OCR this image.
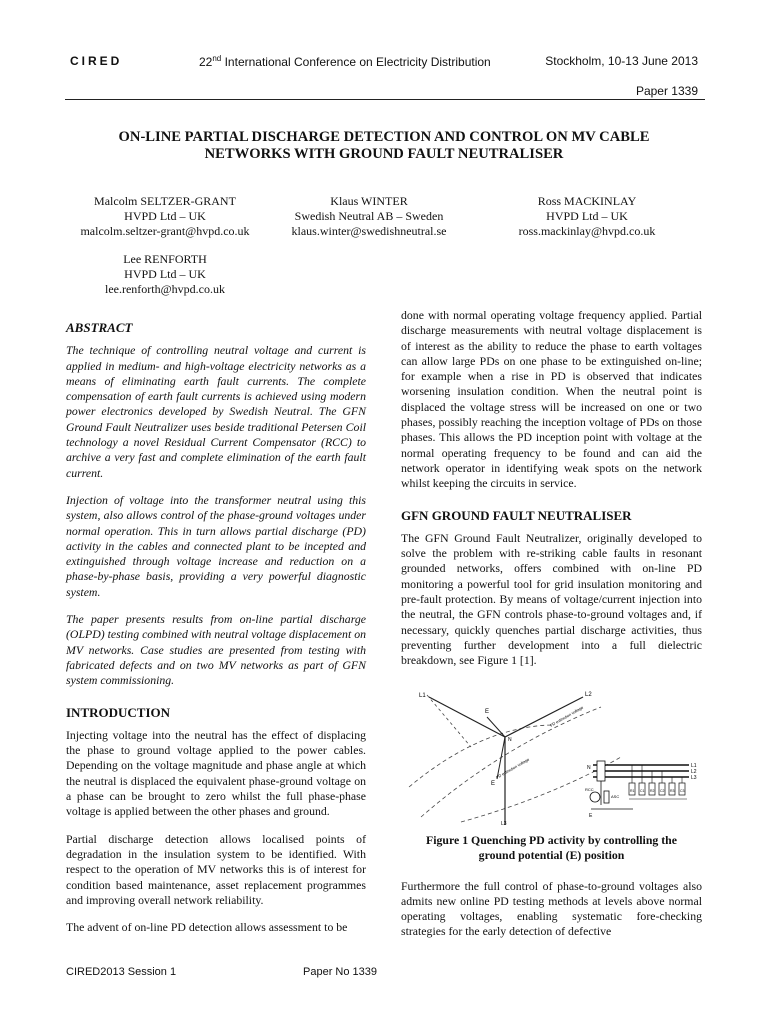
CIRED	22nd International Conference on Electricity Distribution	Stockholm, 10-13 June 2013
Paper 1339
ON-LINE PARTIAL DISCHARGE DETECTION AND CONTROL ON MV CABLE
NETWORKS WITH GROUND FAULT NEUTRALISER
Malcolm SELTZER-GRANT
HVPD Ltd – UK
malcolm.seltzer-grant@hvpd.co.uk
Klaus WINTER
Swedish Neutral AB – Sweden
klaus.winter@swedishneutral.se
Ross MACKINLAY
HVPD Ltd – UK
ross.mackinlay@hvpd.co.uk
Lee RENFORTH
HVPD Ltd – UK
lee.renforth@hvpd.co.uk
ABSTRACT

The technique of controlling neutral voltage and current is applied in medium- and high-voltage electricity networks as a means of eliminating earth fault currents. The complete compensation of earth fault currents is achieved using modern power electronics developed by Swedish Neutral. The GFN Ground Fault Neutralizer uses beside traditional Petersen Coil technology a novel Residual Current Compensator (RCC) to archive a very fast and complete elimination of the earth fault current.

Injection of voltage into the transformer neutral using this system, also allows control of the phase-ground voltages under normal operation. This in turn allows partial discharge (PD) activity in the cables and connected plant to be incepted and extinguished through voltage increase and reduction on a phase-by-phase basis, providing a very powerful diagnostic system.

The paper presents results from on-line partial discharge (OLPD) testing combined with neutral voltage displacement on MV networks. Case studies are presented from testing with fabricated defects and on two MV networks as part of GFN system commissioning.

INTRODUCTION

Injecting voltage into the neutral has the effect of displacing the phase to ground voltage applied to the power cables. Depending on the voltage magnitude and phase angle at which the neutral is displaced the equivalent phase-ground voltage on a phase can be brought to zero whilst the full phase-phase voltage is applied between the other phases and ground.

Partial discharge detection allows localised points of degradation in the insulation system to be identified. With respect to the operation of MV networks this is of interest for condition based maintenance, asset replacement programmes and improving overall network reliability.

The advent of on-line PD detection allows assessment to be

done with normal operating voltage frequency applied. Partial discharge measurements with neutral voltage displacement is of interest as the ability to reduce the phase to earth voltages can allow large PDs on one phase to be extinguished on-line; for example when a rise in PD is observed that indicates worsening insulation condition. When the neutral point is displaced the voltage stress will be increased on one or two phases, possibly reaching the inception voltage of PDs on those phases. This allows the PD inception point with voltage at the normal operating frequency to be found and can aid the network operator in identifying weak spots on the network whilst keeping the circuits in service.

GFN GROUND FAULT NEUTRALISER

The GFN Ground Fault Neutralizer, originally developed to solve the problem with re-striking cable faults in resonant grounded networks, offers combined with on-line PD monitoring a powerful tool for grid insulation monitoring and pre-fault protection. By means of voltage/current injection into the neutral, the GFN controls phase-to-ground voltages and, if necessary, quickly quenches partial discharge activities, thus preventing further development into a full dielectric breakdown, see Figure 1 [1].

L1	L2
L3
E
N
E
PD extinction voltage
PD extinction voltage	L1
L2
L3
N
RCC
ASC
E
R1 C1 R2 C2 R3 C3
Figure 1 Quenching PD activity by controlling the
ground potential (E) position

Furthermore the full control of phase-to-ground voltages also admits new online PD testing methods at levels above normal operating voltages, enabling systematic fore-checking strategies for the early detection of defective

CIRED2013 Session 1	Paper No 1339
